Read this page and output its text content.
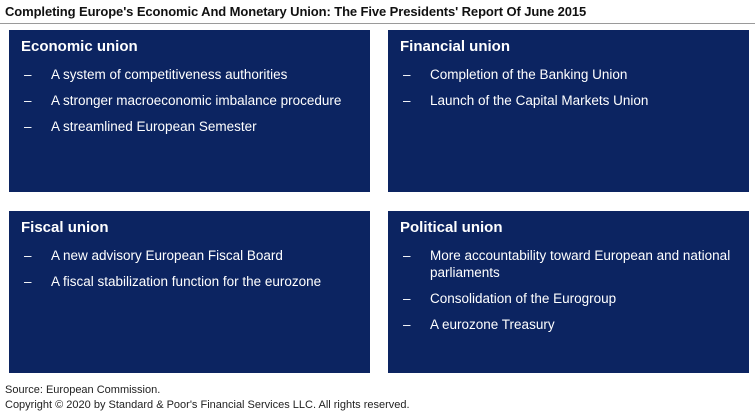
Completing Europe's Economic And Monetary Union: The Five Presidents' Report Of June 2015
Economic union
– A system of competitiveness authorities
– A stronger macroeconomic imbalance procedure
– A streamlined European Semester
Financial union
– Completion of the Banking Union
– Launch of the Capital Markets Union
Fiscal union
– A new advisory European Fiscal Board
– A fiscal stabilization function for the eurozone
Political union
– More accountability toward European and national parliaments
– Consolidation of the Eurogroup
– A eurozone Treasury
Source: European Commission.
Copyright © 2020 by Standard & Poor's Financial Services LLC. All rights reserved.
